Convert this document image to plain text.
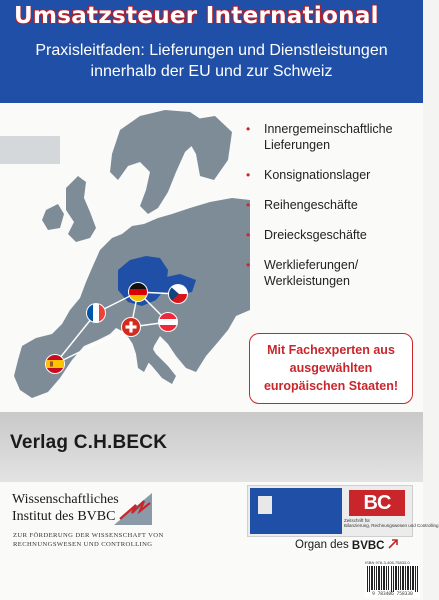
Umsatzsteuer International
Praxisleitfaden: Lieferungen und Dienstleistungen
innerhalb der EU und zur Schweiz
• Innergemeinschaftliche Lieferungen
• Konsignationslager
• Reihengeschäfte
• Dreiecksgeschäfte
• Werklieferungen/ Werkleistungen
Mit Fachexperten aus
ausgewählten
europäischen Staaten!
Verlag C.H.BECK
Wissenschaftliches
Institut des BVBC
ZUR FÖRDERUNG DER WISSENSCHAFT VON
RECHNUNGSWESEN UND CONTROLLING
BC
Zeitschrift für
Bilanzierung, Rechnungswesen und Controlling
Organ des BVBC
ISBN 978-3-406-75833-0
9 783406 758330
